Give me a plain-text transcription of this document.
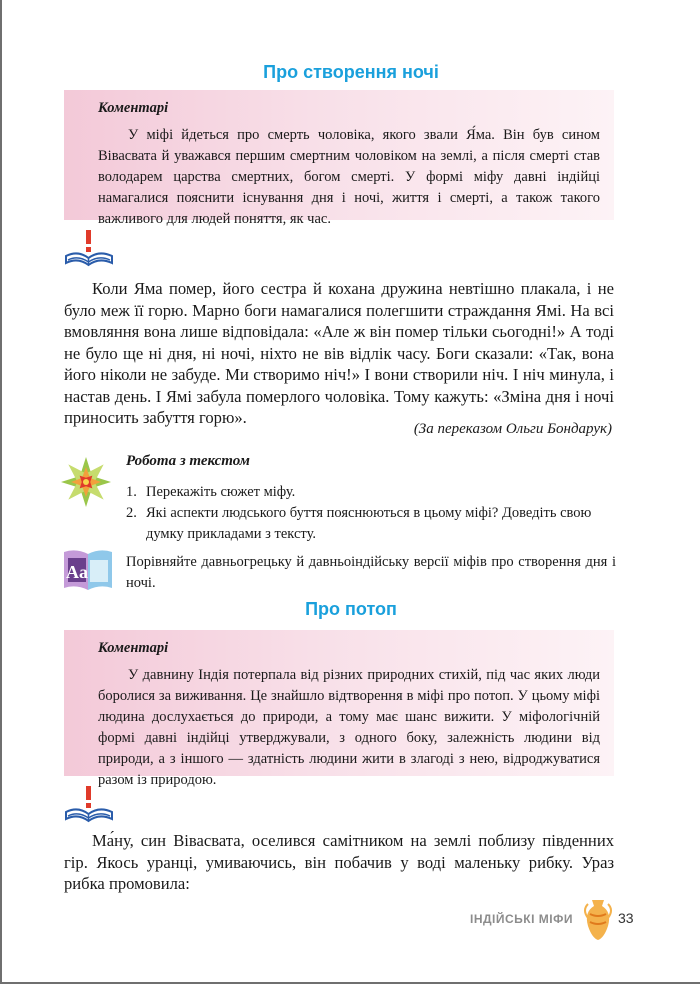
Про створення ночі
Коментарі

У міфі йдеться про смерть чоловіка, якого звали Я́ма. Він був сином Вівасвата й уважався першим смертним чоловіком на землі, а після смерті став володарем царства смертних, богом смерті. У формі міфу давні індійці намагалися пояснити існування дня і ночі, життя і смерті, а також такого важливого для людей поняття, як час.

Коли Яма помер, його сестра й кохана дружина невтішно плакала, і не було меж її горю. Марно боги намагалися полегшити страждання Ямі. На всі вмовляння вона лише відповідала: «Але ж він помер тільки сьогодні!» А тоді не було ще ні дня, ні ночі, ніхто не вів відлік часу. Боги сказали: «Так, вона його ніколи не забуде. Ми створимо ніч!» І вони створили ніч. І ніч минула, і настав день. І Ямі забула померлого чоловіка. Тому кажуть: «Зміна дня і ночі приносить забуття горю».

(За переказом Ольги Бондарук)
Робота з текстом
1. Перекажіть сюжет міфу.
2. Які аспекти людського буття пояснюються в цьому міфі? Доведіть свою думку прикладами з тексту.
Aa	Порівняйте давньогрецьку й давньоіндійську версії міфів про створення дня і ночі.
Про потоп
Коментарі

У давнину Індія потерпала від різних природних стихій, під час яких люди боролися за виживання. Це знайшло відтворення в міфі про потоп. У цьому міфі людина дослухається до природи, а тому має шанс вижити. У міфологічній формі давні індійці утверджували, з одного боку, залежність людини від природи, а з іншого — здатність людини жити в злагоді з нею, відроджуватися разом із природою.

Ма́ну, син Вівасвата, оселився самітником на землі поблизу південних гір. Якось уранці, умиваючись, він побачив у воді маленьку рибку. Ураз рибка промовила:

ІНДІЙСЬКІ МІФИ	33
